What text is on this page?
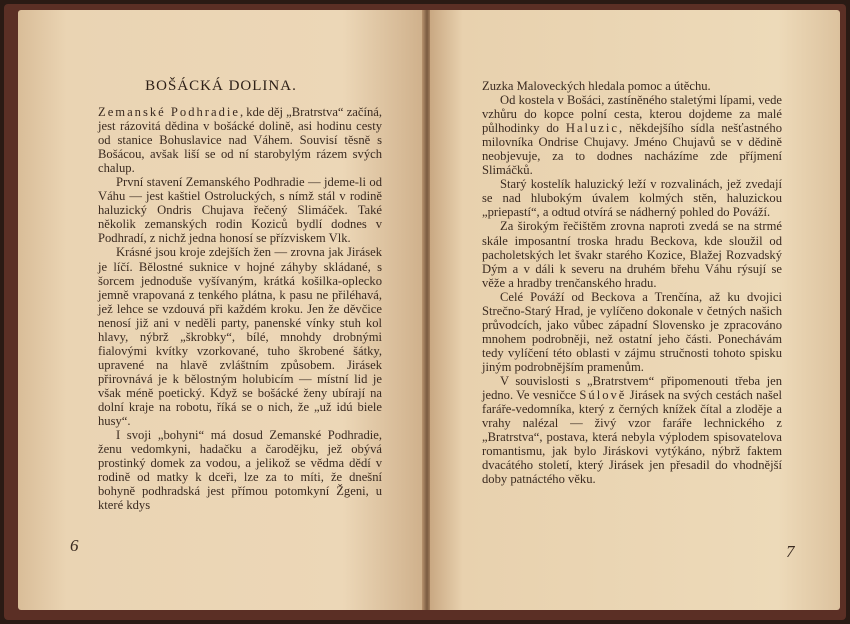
BOŠÁCKÁ DOLINA.

Zemanské Podhradie, kde děj „Bratrstva“ začíná, jest rázovitá dědina v bošácké dolině, asi hodinu cesty od stanice Bohuslavice nad Váhem. Souvisí těsně s Bošácou, avšak liší se od ní starobylým rázem svých chalup.

První stavení Zemanského Podhradie — jdeme-li od Váhu — jest kaštiel Ostroluckých, s nímž stál v rodině haluzický Ondris Chujava řečený Slimáček. Také několik zemanských rodin Koziců bydlí dodnes v Podhradí, z nichž jedna honosí se přízviskem Vlk.

Krásné jsou kroje zdejších žen — zrovna jak Jirásek je líčí. Bělostné suknice v hojné záhyby skládané, s šorcem jednoduše vyšívaným, krátká košilka-oplecko jemně vrapovaná z tenkého plátna, k pasu ne přiléhavá, jež lehce se vzdouvá při každém kroku. Jen že děvčice nenosí již ani v neděli party, panenské vínky stuh kol hlavy, nýbrž „škrobky“, bílé, mnohdy drobnými fialovými kvítky vzorkované, tuho škrobené šátky, upravené na hlavě zvláštním způsobem. Jirásek přirovnává je k bělostným holubicím — místní lid je však méně poetický. Když se bošácké ženy ubírají na dolní kraje na robotu, říká se o nich, že „už idú biele husy“.

I svoji „bohyni“ má dosud Zemanské Podhradie, ženu vedomkyni, hadačku a čarodějku, jež obývá prostinký domek za vodou, a jelikož se vědma dědí v rodině od matky k dceři, lze za to míti, že dnešní bohyně podhradská jest přímou potomkyní Žgeni, u které kdys

6

Zuzka Maloveckých hledala pomoc a útěchu.

Od kostela v Bošáci, zastíněného staletými lípami, vede vzhůru do kopce polní cesta, kterou dojdeme za malé půlhodinky do Haluzic, někdejšího sídla nešťastného milovníka Ondrise Chujavy. Jméno Chujavů se v dědině neobjevuje, za to dodnes nacházíme zde příjmení Slimáčků.

Starý kostelík haluzický leží v rozvalinách, jež zvedají se nad hlubokým úvalem kolmých stěn, haluzickou „priepastí“, a odtud otvírá se nádherný pohled do Pováží.

Za širokým řečištěm zrovna naproti zvedá se na strmé skále imposantní troska hradu Beckova, kde sloužil od pacholetských let švakr starého Kozice, Blažej Rozvadský Dým a v dáli k severu na druhém břehu Váhu rýsují se věže a hradby trenčanského hradu.

Celé Pováží od Beckova a Trenčína, až ku dvojici Strečno-Starý Hrad, je vylíčeno dokonale v četných našich průvodcích, jako vůbec západní Slovensko je zpracováno mnohem podrobněji, než ostatní jeho části. Ponechávám tedy vylíčení této oblasti v zájmu stručnosti tohoto spisku jiným podrobnějším pramenům.

V souvislosti s „Bratrstvem“ připomenouti třeba jen jedno. Ve vesničce Súlově Jirásek na svých cestách našel faráře-vedomníka, který z černých knížek čítal a zloděje a vrahy nalézal — živý vzor faráře lechnického z „Bratrstva“, postava, která nebyla výplodem spisovatelova romantismu, jak bylo Jiráskovi vytýkáno, nýbrž faktem dvacátého století, který Jirásek jen přesadil do vhodnější doby patnáctého věku.

7
